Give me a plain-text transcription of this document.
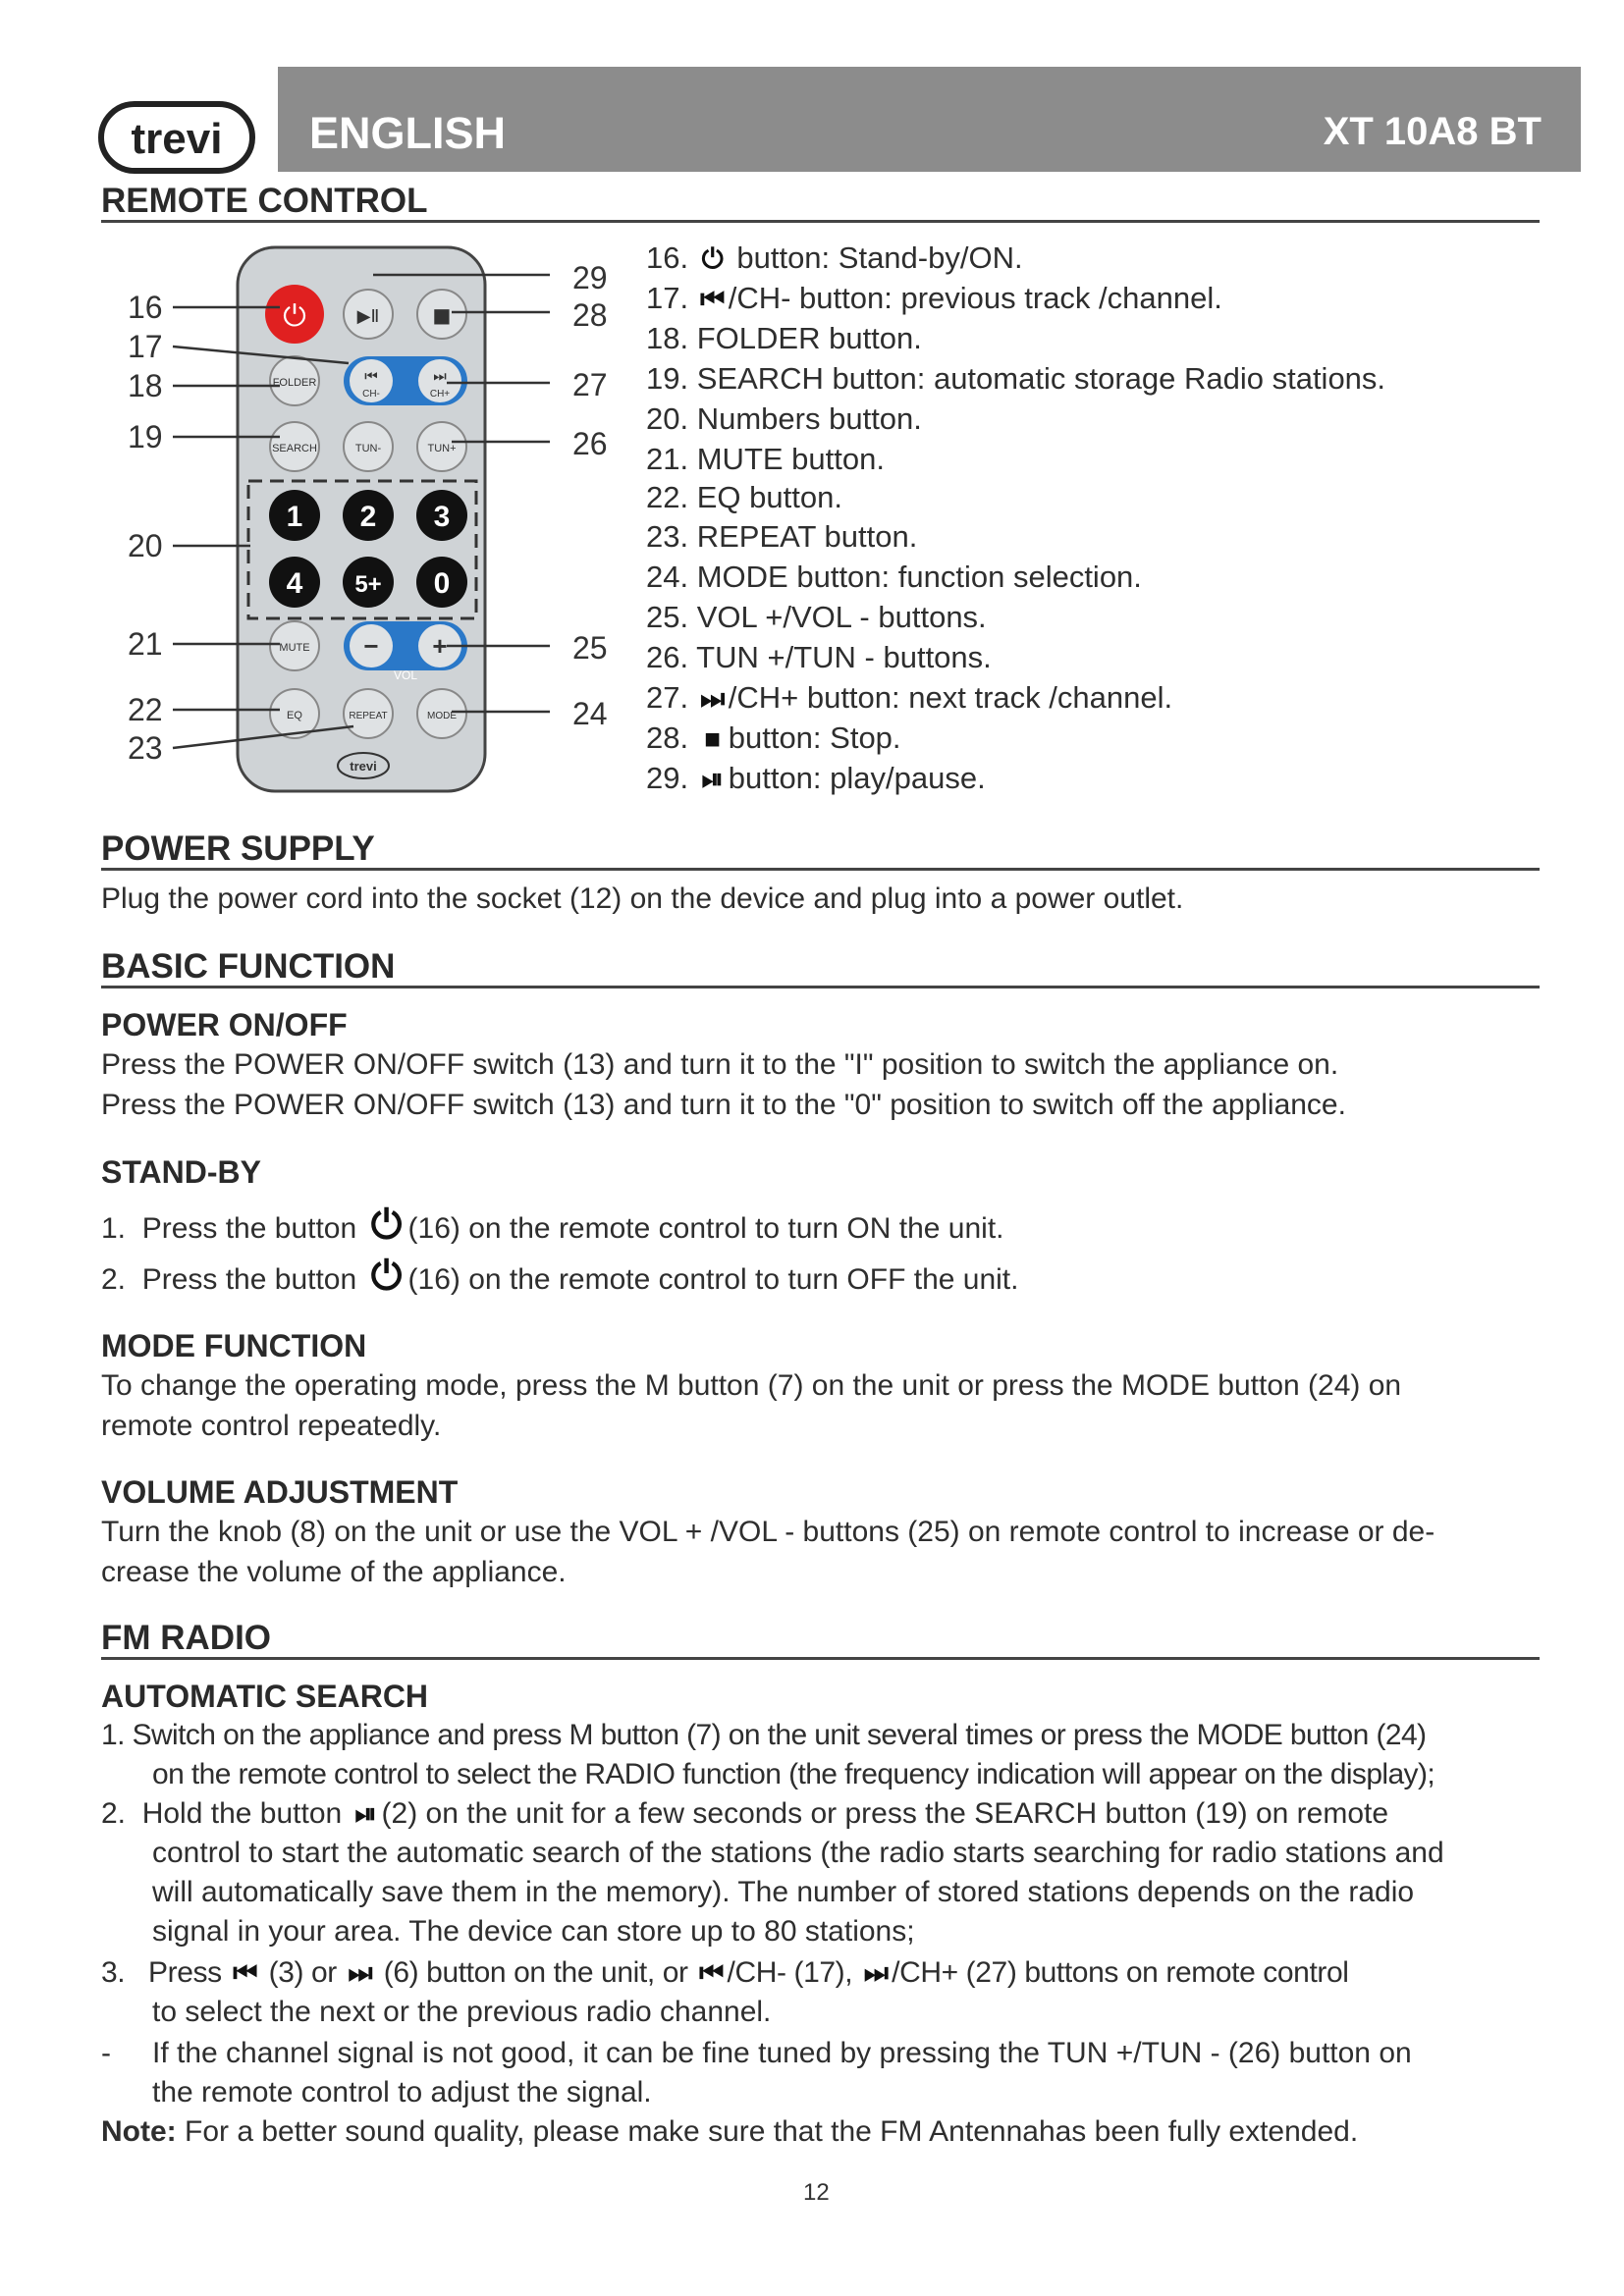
trevi ENGLISH	XT 10A8 BT
REMOTE CONTROL
⏻	▶Ⅱ	■
FOLDER	⏮
CH-
⏭
CH+
SEARCH	TUN-	TUN+
1 2 3
4 5+ 0
MUTE − +
VOL
EQ	REPEAT	MODE
trevi
16
17
18
19
20
21
22
23
29
28
27
26
25
24
16. ⏻ button: Stand-by/ON.
17. ⏮ /CH- button: previous track /channel.
18. FOLDER button.
19. SEARCH button: automatic storage Radio stations.
20. Numbers button.
21. MUTE button.
22. EQ button.
23. REPEAT button.
24. MODE button: function selection.
25. VOL +/VOL - buttons.
26. TUN +/TUN - buttons.
27. ⏭ /CH+ button: next track /channel.
28. ■ button: Stop.
29. ⏯ button: play/pause.
POWER SUPPLY
Plug the power cord into the socket (12) on the device and plug into a power outlet.
BASIC FUNCTION
POWER ON/OFF
Press the POWER ON/OFF switch (13) and turn it to the "I" position to switch the appliance on.
Press the POWER ON/OFF switch (13) and turn it to the "0" position to switch off the appliance.
STAND-BY
1. Press the button ⏻ (16) on the remote control to turn ON the unit.
2. Press the button ⏻ (16) on the remote control to turn OFF the unit.
MODE FUNCTION
To change the operating mode, press the M button (7) on the unit or press the MODE button (24) on
remote control repeatedly.
VOLUME ADJUSTMENT
Turn the knob (8) on the unit or use the VOL + /VOL - buttons (25) on remote control to increase or de-
crease the volume of the appliance.
FM RADIO
AUTOMATIC SEARCH
1. Switch on the appliance and press M button (7) on the unit several times or press the MODE button (24)
on the remote control to select the RADIO function (the frequency indication will appear on the display);
2. Hold the button ⏯ (2) on the unit for a few seconds or press the SEARCH button (19) on remote
control to start the automatic search of the stations (the radio starts searching for radio stations and
will automatically save them in the memory). The number of stored stations depends on the radio
signal in your area. The device can store up to 80 stations;
3. Press ⏮ (3) or ⏭ (6) button on the unit, or ⏮ /CH- (17), ⏭ /CH+ (27) buttons on remote control
to select the next or the previous radio channel.
- If the channel signal is not good, it can be fine tuned by pressing the TUN +/TUN - (26) button on
the remote control to adjust the signal.
Note: For a better sound quality, please make sure that the FM Antennahas been fully extended.
12
